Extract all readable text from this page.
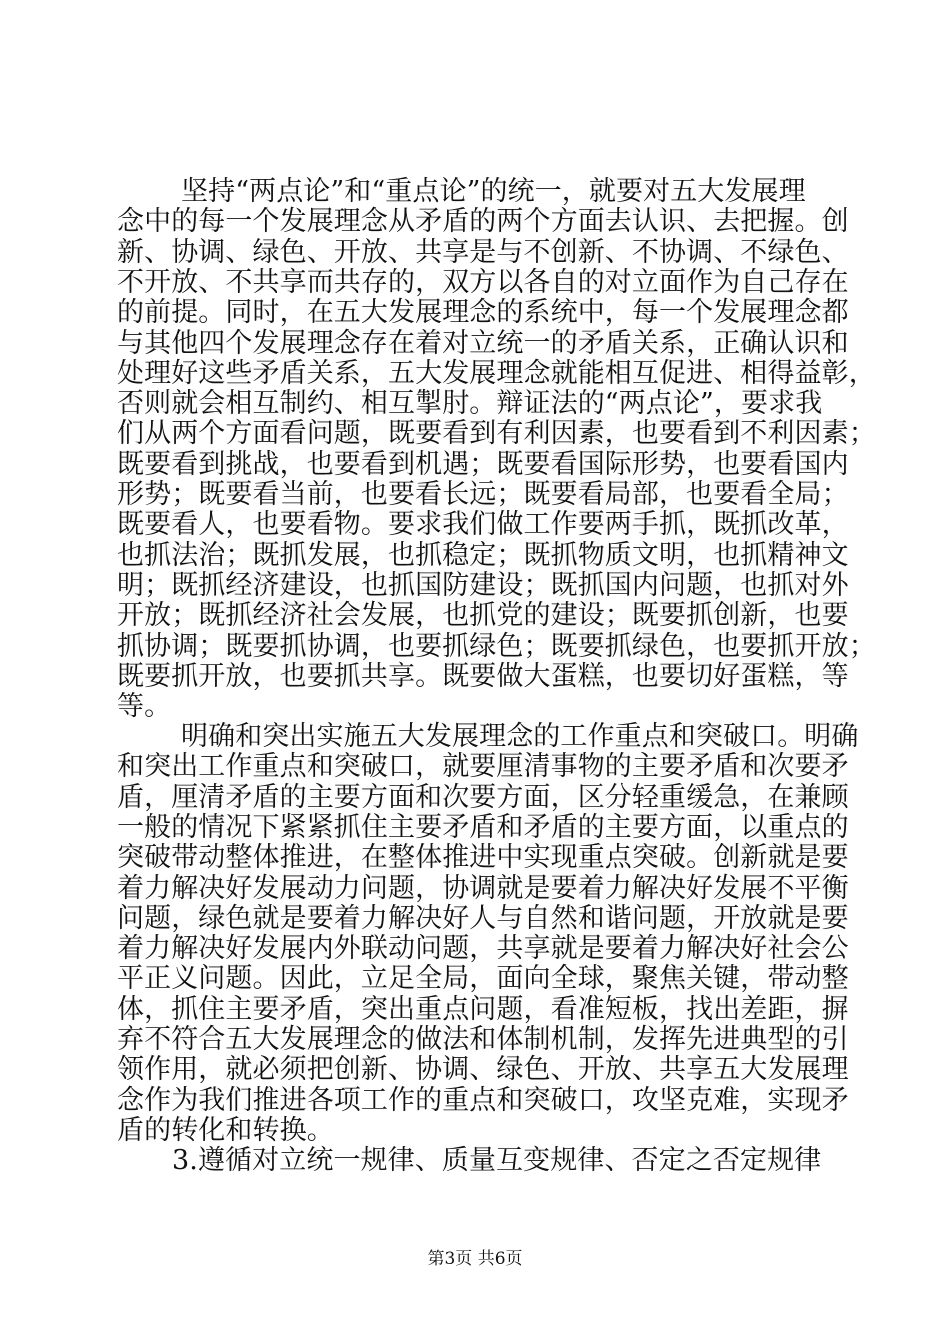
坚持“两点论”和“重点论”的统一，就要对五大发展理
念中的每一个发展理念从矛盾的两个方面去认识、去把握。创
新、协调、绿色、开放、共享是与不创新、不协调、不绿色、
不开放、不共享而共存的，双方以各自的对立面作为自己存在
的前提。同时，在五大发展理念的系统中，每一个发展理念都
与其他四个发展理念存在着对立统一的矛盾关系，正确认识和
处理好这些矛盾关系，五大发展理念就能相互促进、相得益彰，
否则就会相互制约、相互掣肘。辩证法的“两点论”，要求我
们从两个方面看问题，既要看到有利因素，也要看到不利因素；
既要看到挑战，也要看到机遇；既要看国际形势，也要看国内
形势；既要看当前，也要看长远；既要看局部，也要看全局；
既要看人，也要看物。要求我们做工作要两手抓，既抓改革，
也抓法治；既抓发展，也抓稳定；既抓物质文明，也抓精神文
明；既抓经济建设，也抓国防建设；既抓国内问题，也抓对外
开放；既抓经济社会发展，也抓党的建设；既要抓创新，也要
抓协调；既要抓协调，也要抓绿色；既要抓绿色，也要抓开放；
既要抓开放，也要抓共享。既要做大蛋糕，也要切好蛋糕，等
等。
明确和突出实施五大发展理念的工作重点和突破口。明确
和突出工作重点和突破口，就要厘清事物的主要矛盾和次要矛
盾，厘清矛盾的主要方面和次要方面，区分轻重缓急，在兼顾
一般的情况下紧紧抓住主要矛盾和矛盾的主要方面，以重点的
突破带动整体推进，在整体推进中实现重点突破。创新就是要
着力解决好发展动力问题，协调就是要着力解决好发展不平衡
问题，绿色就是要着力解决好人与自然和谐问题，开放就是要
着力解决好发展内外联动问题，共享就是要着力解决好社会公
平正义问题。因此，立足全局，面向全球，聚焦关键，带动整
体，抓住主要矛盾，突出重点问题，看准短板，找出差距，摒
弃不符合五大发展理念的做法和体制机制，发挥先进典型的引
第3页 共6页
领作用，就必须把创新、协调、绿色、开放、共享五大发展理
念作为我们推进各项工作的重点和突破口，攻坚克难，实现矛
盾的转化和转换。
3.遵循对立统一规律、质量互变规律、否定之否定规律
